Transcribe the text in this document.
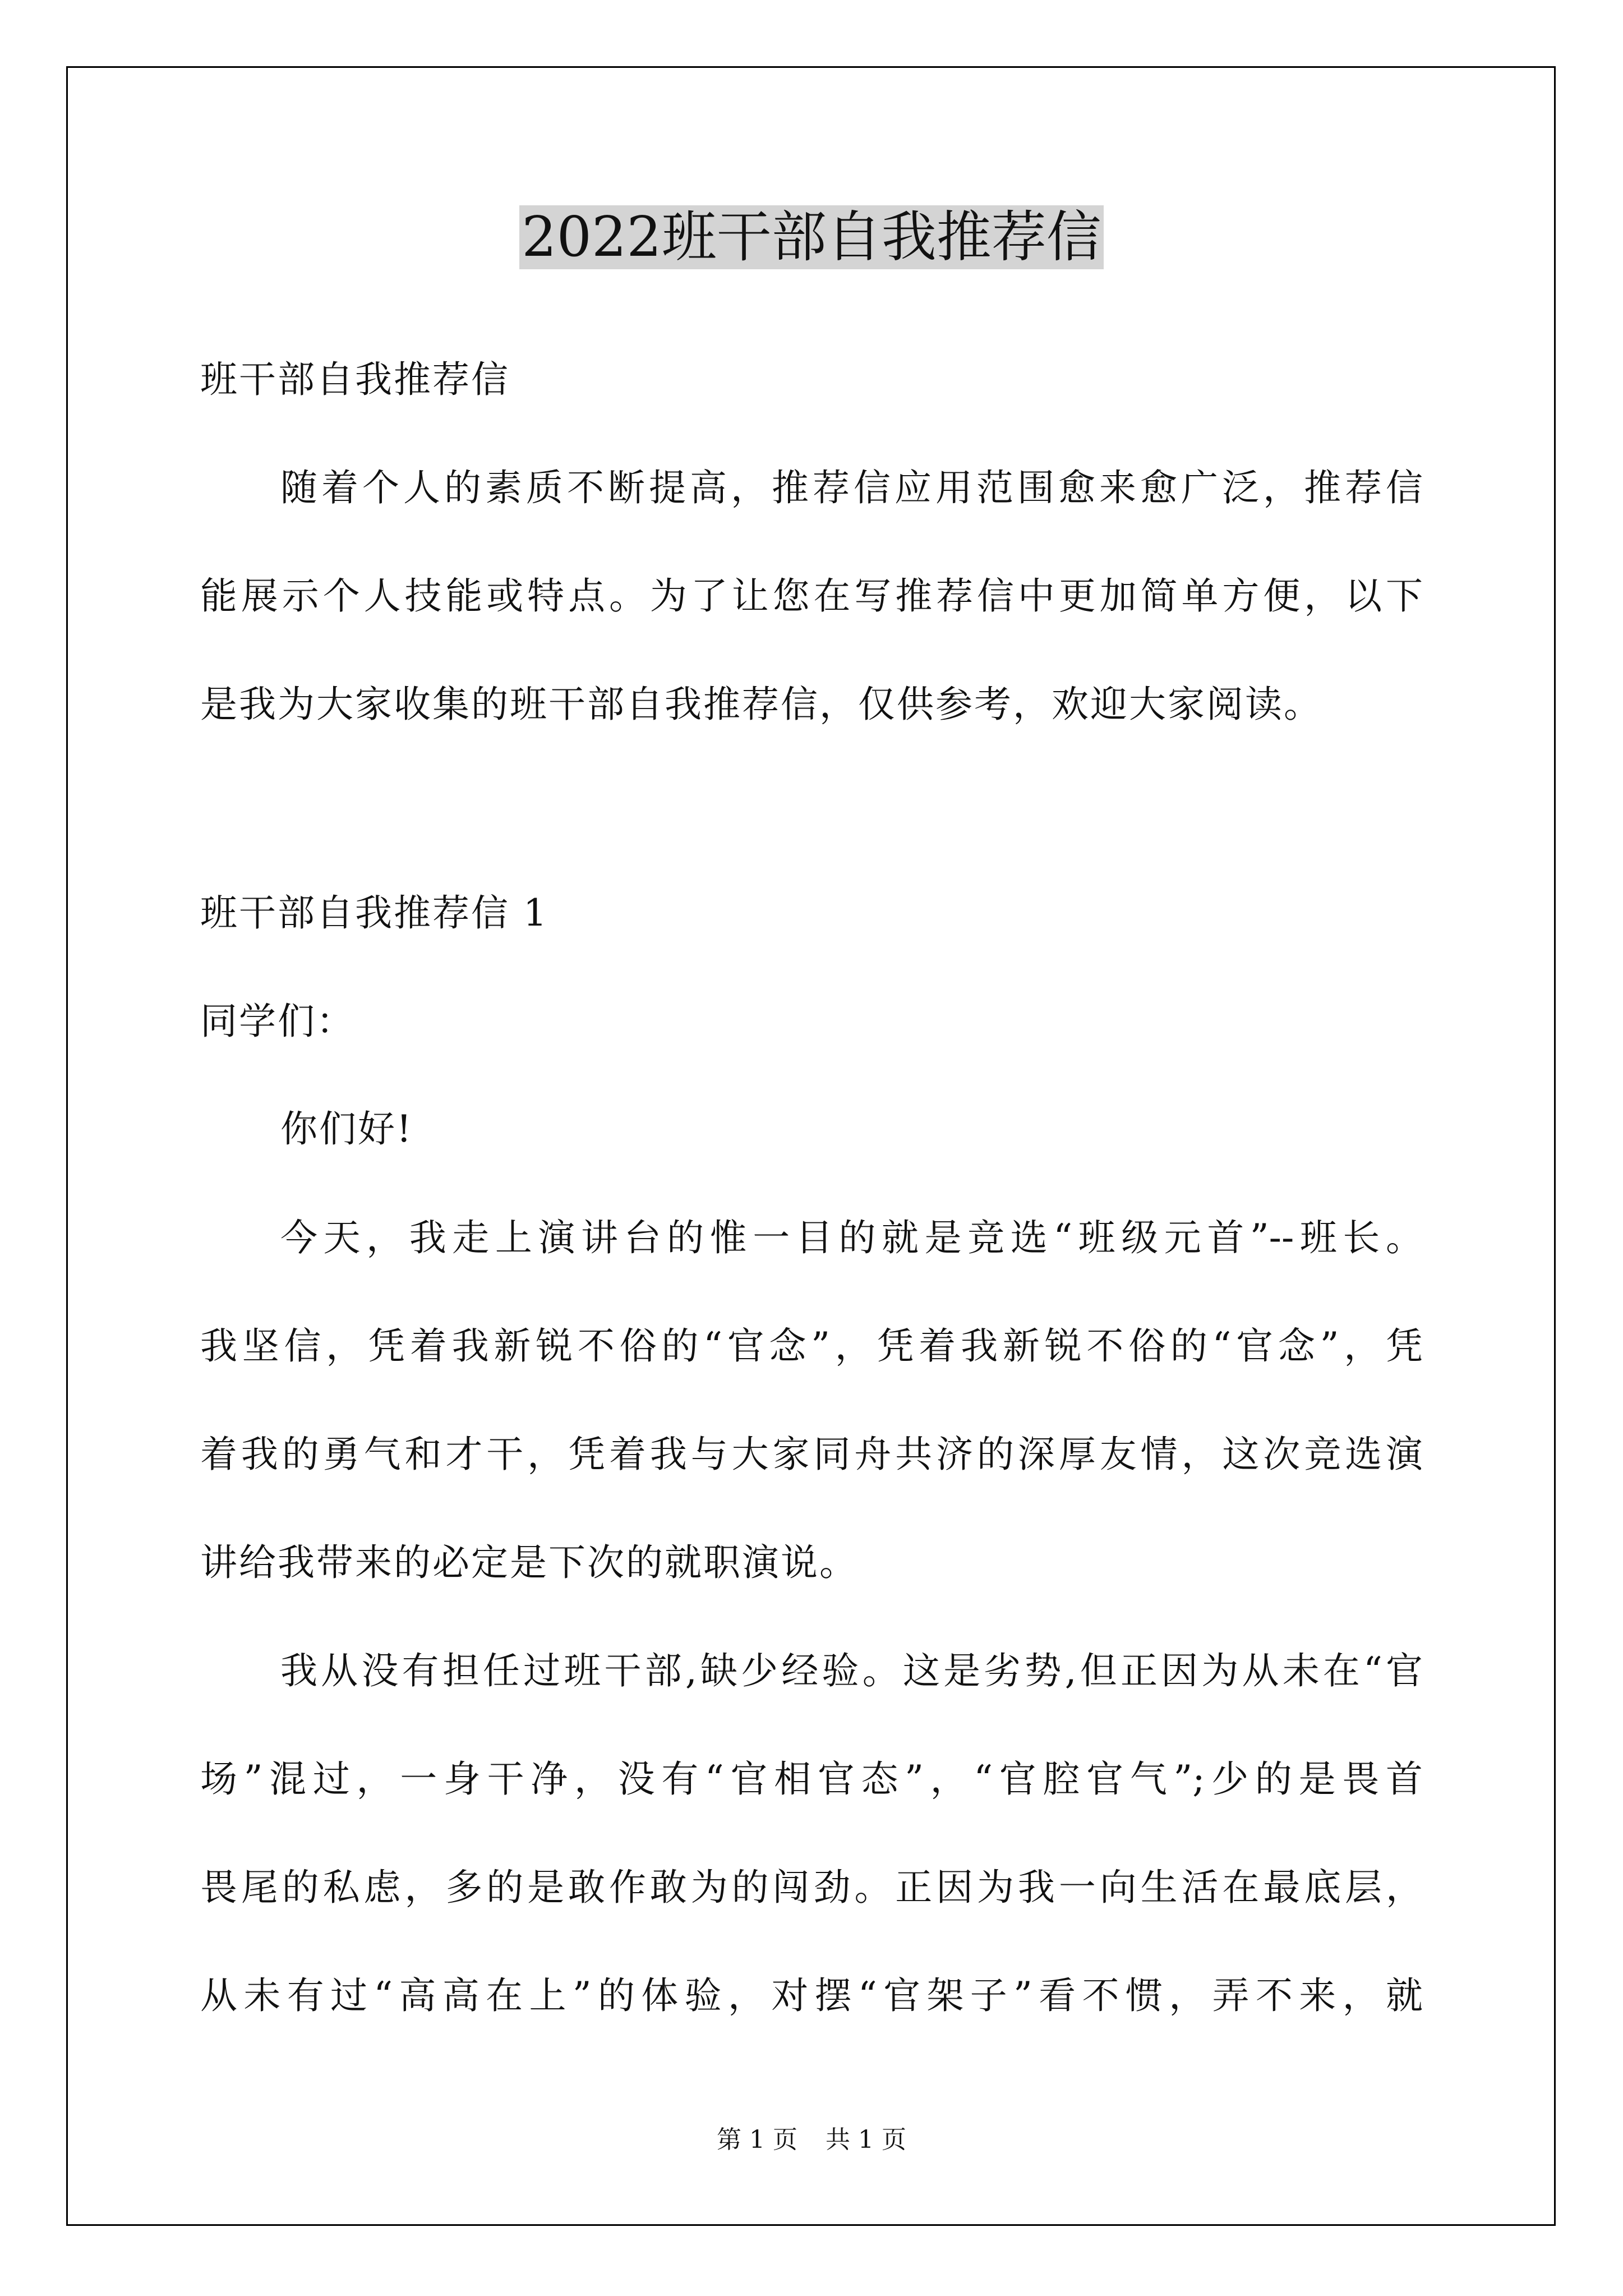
2022班干部自我推荐信
班干部自我推荐信
随着个人的素质不断提高，推荐信应用范围愈来愈广泛，推荐信
能展示个人技能或特点。为了让您在写推荐信中更加简单方便，以下
是我为大家收集的班干部自我推荐信，仅供参考，欢迎大家阅读。
班干部自我推荐信 1
同学们：
你们好!
今天，我走上演讲台的惟一目的就是竞选“班级元首”--班长。
我坚信，凭着我新锐不俗的“官念”，凭着我新锐不俗的“官念”，凭
着我的勇气和才干，凭着我与大家同舟共济的深厚友情，这次竞选演
讲给我带来的必定是下次的就职演说。
我从没有担任过班干部,缺少经验。这是劣势,但正因为从未在“官
场”混过，一身干净，没有“官相官态”，“官腔官气”;少的是畏首
畏尾的私虑，多的是敢作敢为的闯劲。正因为我一向生活在最底层，
从未有过“高高在上”的体验，对摆“官架子”看不惯，弄不来，就
第 1 页 共 1 页
